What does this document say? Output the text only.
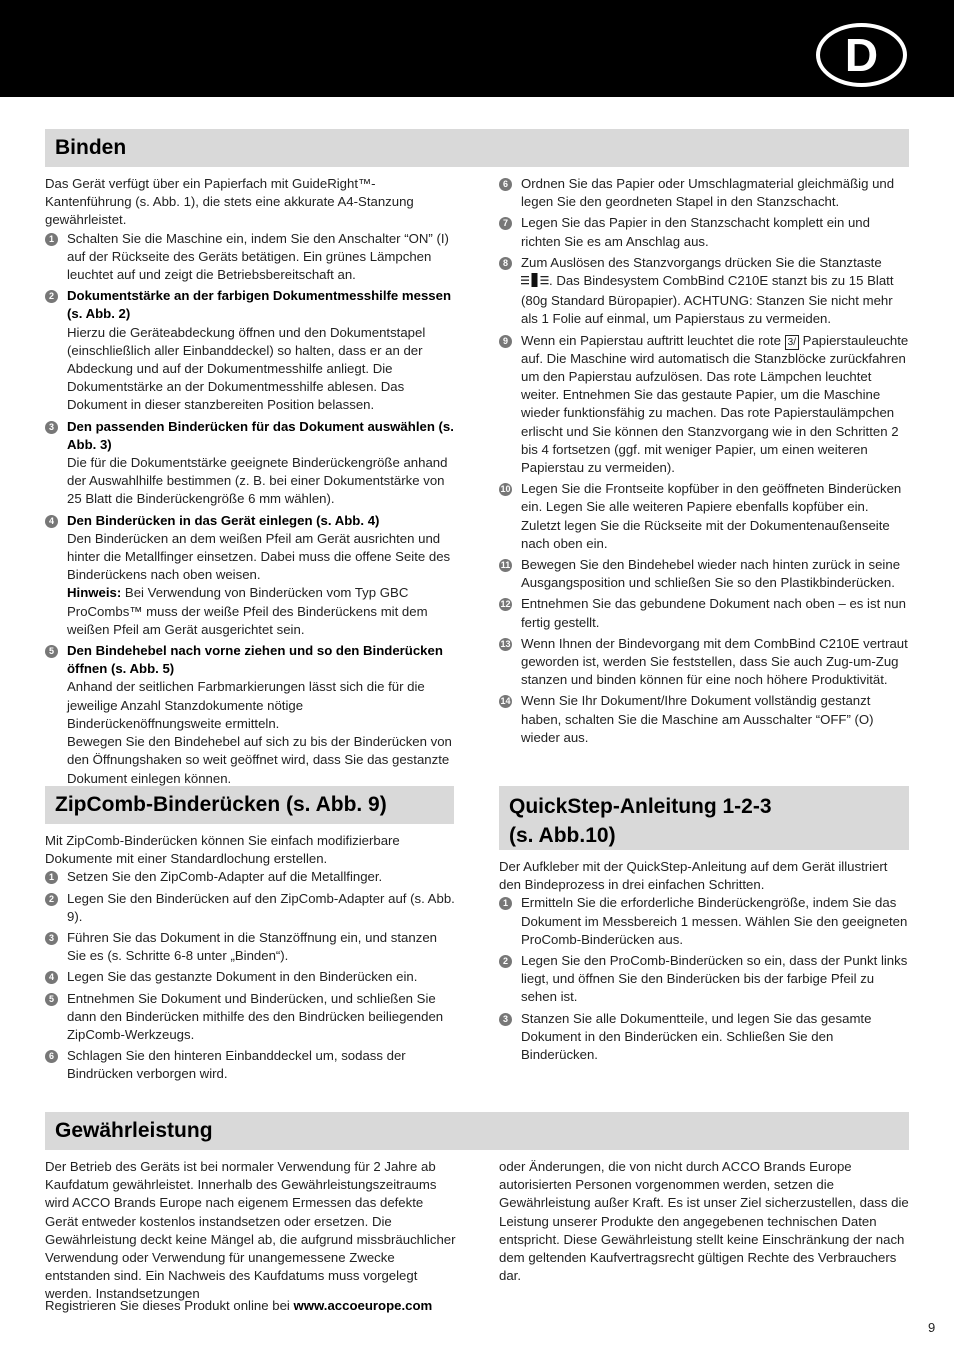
D
Binden

Das Gerät verfügt über ein Papierfach mit GuideRight™-Kantenführung (s. Abb. 1), die stets eine akkurate A4-Stanzung gewährleistet.

1 Schalten Sie die Maschine ein, indem Sie den Anschalter “ON” (I) auf der Rückseite des Geräts betätigen. Ein grünes Lämpchen leuchtet auf und zeigt die Betriebsbereitschaft an.

2 Dokumentstärke an der farbigen Dokumentmesshilfe messen (s. Abb. 2)

Hierzu die Geräteabdeckung öffnen und den Dokumentstapel (einschließlich aller Einbanddeckel) so halten, dass er an der Abdeckung und auf der Dokumentmesshilfe anliegt. Die Dokumentstärke an der Dokumentmesshilfe ablesen. Das Dokument in dieser stanzbereiten Position belassen.

3 Den passenden Binderücken für das Dokument auswählen (s. Abb. 3)

Die für die Dokumentstärke geeignete Binderückengröße anhand der Auswahlhilfe bestimmen (z. B. bei einer Dokumentstärke von 25 Blatt die Binderückengröße 6 mm wählen).

4 Den Binderücken in das Gerät einlegen (s. Abb. 4)

Den Binderücken an dem weißen Pfeil am Gerät ausrichten und hinter die Metallfinger einsetzen. Dabei muss die offene Seite des Binderückens nach oben weisen.

Hinweis: Bei Verwendung von Binderücken vom Typ GBC ProCombs™ muss der weiße Pfeil des Binderückens mit dem weißen Pfeil am Gerät ausgerichtet sein.

5 Den Bindehebel nach vorne ziehen und so den Binderücken öffnen (s. Abb. 5)

Anhand der seitlichen Farbmarkierungen lässt sich die für die jeweilige Anzahl Stanzdokumente nötige Binderückenöffnungsweite ermitteln.

Bewegen Sie den Bindehebel auf sich zu bis der Binderücken von den Öffnungshaken so weit geöffnet wird, dass Sie das gestanzte Dokument einlegen können.

6 Ordnen Sie das Papier oder Umschlagmaterial gleichmäßig und legen Sie den geordneten Stapel in den Stanzschacht.

7 Legen Sie das Papier in den Stanzschacht komplett ein und richten Sie es am Anschlag aus.

8 Zum Auslösen des Stanzvorgangs drücken Sie die Stanztaste
. Das Bindesystem CombBind C210E stanzt bis zu 15 Blatt (80g Standard Büropapier). ACHTUNG: Stanzen Sie nicht mehr als 1 Folie auf einmal, um Papierstaus zu vermeiden.

9 Wenn ein Papierstau auftritt leuchtet die rote 3/ Papierstauleuchte auf. Die Maschine wird automatisch die Stanzblöcke zurückfahren um den Papierstau aufzulösen. Das rote Lämpchen leuchtet weiter. Entnehmen Sie das gestaute Papier, um die Maschine wieder funktionsfähig zu machen. Das rote Papierstaulämpchen erlischt und Sie können den Stanzvorgang wie in den Schritten 2 bis 4 fortsetzen (ggf. mit weniger Papier, um einen weiteren Papierstau zu vermeiden).

10 Legen Sie die Frontseite kopfüber in den geöffneten Binderücken ein. Legen Sie alle weiteren Papiere ebenfalls kopfüber ein. Zuletzt legen Sie die Rückseite mit der Dokumentenaußenseite nach oben ein.

11 Bewegen Sie den Bindehebel wieder nach hinten zurück in seine Ausgangsposition und schließen Sie so den Plastikbinderücken.

12 Entnehmen Sie das gebundene Dokument nach oben – es ist nun fertig gestellt.

13 Wenn Ihnen der Bindevorgang mit dem CombBind C210E vertraut geworden ist, werden Sie feststellen, dass Sie auch Zug-um-Zug stanzen und binden können für eine noch höhere Produktivität.

14 Wenn Sie Ihr Dokument/Ihre Dokument vollständig gestanzt haben, schalten Sie die Maschine am Ausschalter “OFF” (O) wieder aus.

ZipComb-Binderücken (s. Abb. 9)

Mit ZipComb-Binderücken können Sie einfach modifizierbare Dokumente mit einer Standardlochung erstellen.

1 Setzen Sie den ZipComb-Adapter auf die Metallfinger.

2 Legen Sie den Binderücken auf den ZipComb-Adapter auf (s. Abb. 9).

3 Führen Sie das Dokument in die Stanzöffnung ein, und stanzen Sie es (s. Schritte 6-8 unter „Binden“).

4 Legen Sie das gestanzte Dokument in den Binderücken ein.

5 Entnehmen Sie Dokument und Binderücken, und schließen Sie dann den Binderücken mithilfe des den Bindrücken beiliegenden ZipComb-Werkzeugs.

6 Schlagen Sie den hinteren Einbanddeckel um, sodass der Bindrücken verborgen wird.

QuickStep-Anleitung 1-2-3
(s. Abb.10)

Der Aufkleber mit der QuickStep-Anleitung auf dem Gerät illustriert den Bindeprozess in drei einfachen Schritten.

1 Ermitteln Sie die erforderliche Binderückengröße, indem Sie das Dokument im Messbereich 1 messen. Wählen Sie den geeigneten ProComb-Binderücken aus.

2 Legen Sie den ProComb-Binderücken so ein, dass der Punkt links liegt, und öffnen Sie den Binderücken bis der farbige Pfeil zu sehen ist.

3 Stanzen Sie alle Dokumentteile, und legen Sie das gesamte Dokument in den Binderücken ein. Schließen Sie den Binderücken.

Gewährleistung

Der Betrieb des Geräts ist bei normaler Verwendung für 2 Jahre ab Kaufdatum gewährleistet. Innerhalb des Gewährleistungszeitraums wird ACCO Brands Europe nach eigenem Ermessen das defekte Gerät entweder kostenlos instandsetzen oder ersetzen. Die Gewährleistung deckt keine Mängel ab, die aufgrund missbräuchlicher Verwendung oder Verwendung für unangemessene Zwecke entstanden sind. Ein Nachweis des Kaufdatums muss vorgelegt werden. Instandsetzungen

oder Änderungen, die von nicht durch ACCO Brands Europe autorisierten Personen vorgenommen werden, setzen die Gewährleistung außer Kraft. Es ist unser Ziel sicherzustellen, dass die Leistung unserer Produkte den angegebenen technischen Daten entspricht. Diese Gewährleistung stellt keine Einschränkung der nach dem geltenden Kaufvertragsrecht gültigen Rechte des Verbrauchers dar.

Registrieren Sie dieses Produkt online bei www.accoeurope.com
9
